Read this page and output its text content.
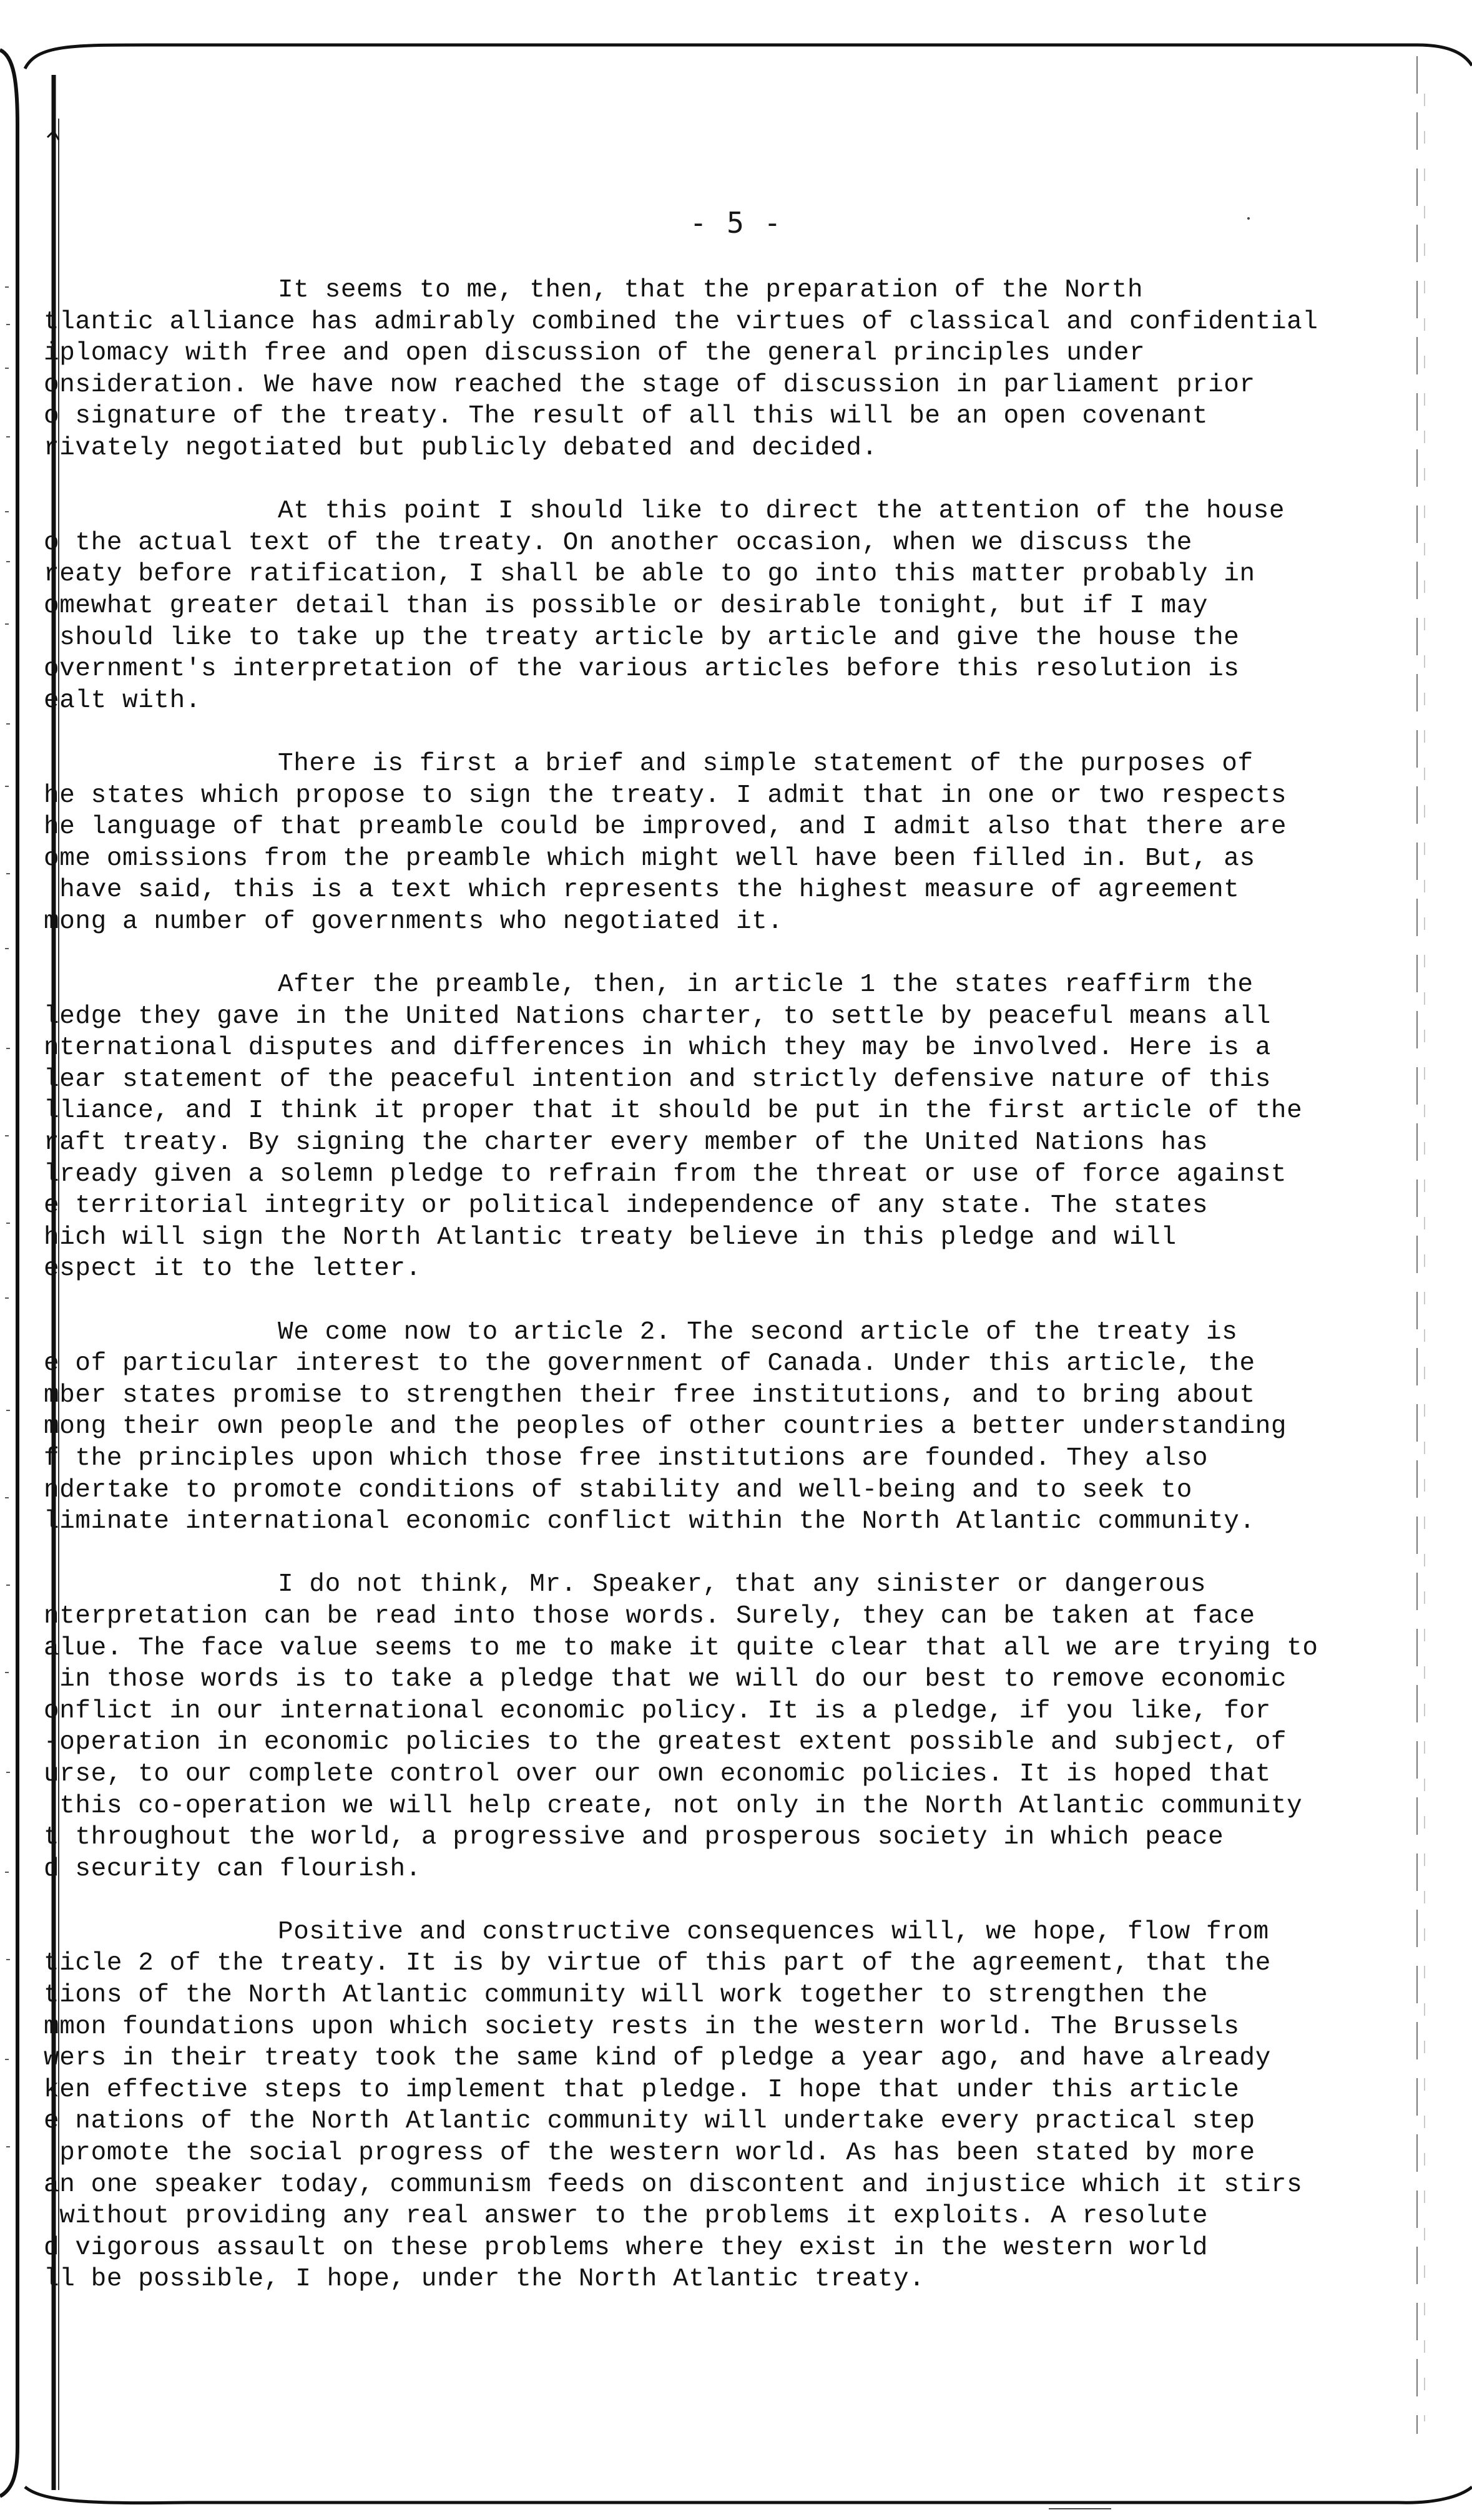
- 5 -
It seems to me, then, that the preparation of the North
tlantic alliance has admirably combined the virtues of classical and confidential
iplomacy with free and open discussion of the general principles under
onsideration. We have now reached the stage of discussion in parliament prior
o signature of the treaty. The result of all this will be an open covenant
rivately negotiated but publicly debated and decided.
At this point I should like to direct the attention of the house
o the actual text of the treaty. On another occasion, when we discuss the
reaty before ratification, I shall be able to go into this matter probably in
omewhat greater detail than is possible or desirable tonight, but if I may
should like to take up the treaty article by article and give the house the
overnment's interpretation of the various articles before this resolution is
ealt with.
There is first a brief and simple statement of the purposes of
he states which propose to sign the treaty. I admit that in one or two respects
he language of that preamble could be improved, and I admit also that there are
ome omissions from the preamble which might well have been filled in. But, as
have said, this is a text which represents the highest measure of agreement
mong a number of governments who negotiated it.
After the preamble, then, in article 1 the states reaffirm the
ledge they gave in the United Nations charter, to settle by peaceful means all
nternational disputes and differences in which they may be involved. Here is a
lear statement of the peaceful intention and strictly defensive nature of this
lliance, and I think it proper that it should be put in the first article of the
raft treaty. By signing the charter every member of the United Nations has
lready given a solemn pledge to refrain from the threat or use of force against
e territorial integrity or political independence of any state. The states
hich will sign the North Atlantic treaty believe in this pledge and will
espect it to the letter.
We come now to article 2. The second article of the treaty is
e of particular interest to the government of Canada. Under this article, the
mber states promise to strengthen their free institutions, and to bring about
mong their own people and the peoples of other countries a better understanding
f the principles upon which those free institutions are founded. They also
ndertake to promote conditions of stability and well-being and to seek to
liminate international economic conflict within the North Atlantic community.
I do not think, Mr. Speaker, that any sinister or dangerous
nterpretation can be read into those words. Surely, they can be taken at face
alue. The face value seems to me to make it quite clear that all we are trying to
in those words is to take a pledge that we will do our best to remove economic
onflict in our international economic policy. It is a pledge, if you like, for
-operation in economic policies to the greatest extent possible and subject, of
urse, to our complete control over our own economic policies. It is hoped that
this co-operation we will help create, not only in the North Atlantic community
t throughout the world, a progressive and prosperous society in which peace
d security can flourish.
Positive and constructive consequences will, we hope, flow from
ticle 2 of the treaty. It is by virtue of this part of the agreement, that the
tions of the North Atlantic community will work together to strengthen the
mmon foundations upon which society rests in the western world. The Brussels
wers in their treaty took the same kind of pledge a year ago, and have already
ken effective steps to implement that pledge. I hope that under this article
e nations of the North Atlantic community will undertake every practical step
promote the social progress of the western world. As has been stated by more
an one speaker today, communism feeds on discontent and injustice which it stirs
without providing any real answer to the problems it exploits. A resolute
d vigorous assault on these problems where they exist in the western world
ll be possible, I hope, under the North Atlantic treaty.
